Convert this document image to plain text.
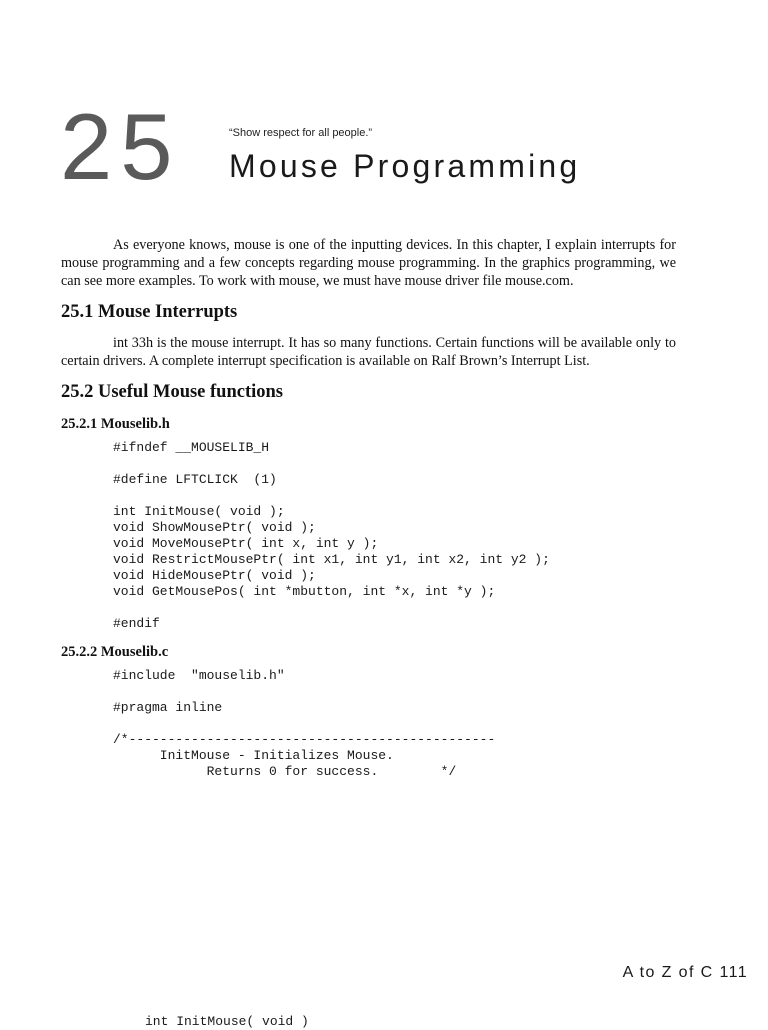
25	“Show respect for all people.”
Mouse Programming

As everyone knows, mouse is one of the inputting devices. In this chapter, I explain interrupts for mouse programming and a few concepts regarding mouse programming. In the graphics programming, we can see more examples. To work with mouse, we must have mouse driver file mouse.com.

25.1 Mouse Interrupts

int 33h is the mouse interrupt. It has so many functions. Certain functions will be available only to certain drivers. A complete interrupt specification is available on Ralf Brown’s Interrupt List.

25.2 Useful Mouse functions
25.2.1 Mouselib.h
#ifndef __MOUSELIB_H

#define LFTCLICK  (1)

int InitMouse( void );
void ShowMousePtr( void );
void MoveMousePtr( int x, int y );
void RestrictMousePtr( int x1, int y1, int x2, int y2 );
void HideMousePtr( void );
void GetMousePos( int *mbutton, int *x, int *y );

#endif
25.2.2 Mouselib.c
#include  "mouselib.h"

#pragma inline

/*-----------------------------------------------
InitMouse - Initializes Mouse.
Returns 0 for success.        */
A to Z of C 111
int InitMouse( void )
